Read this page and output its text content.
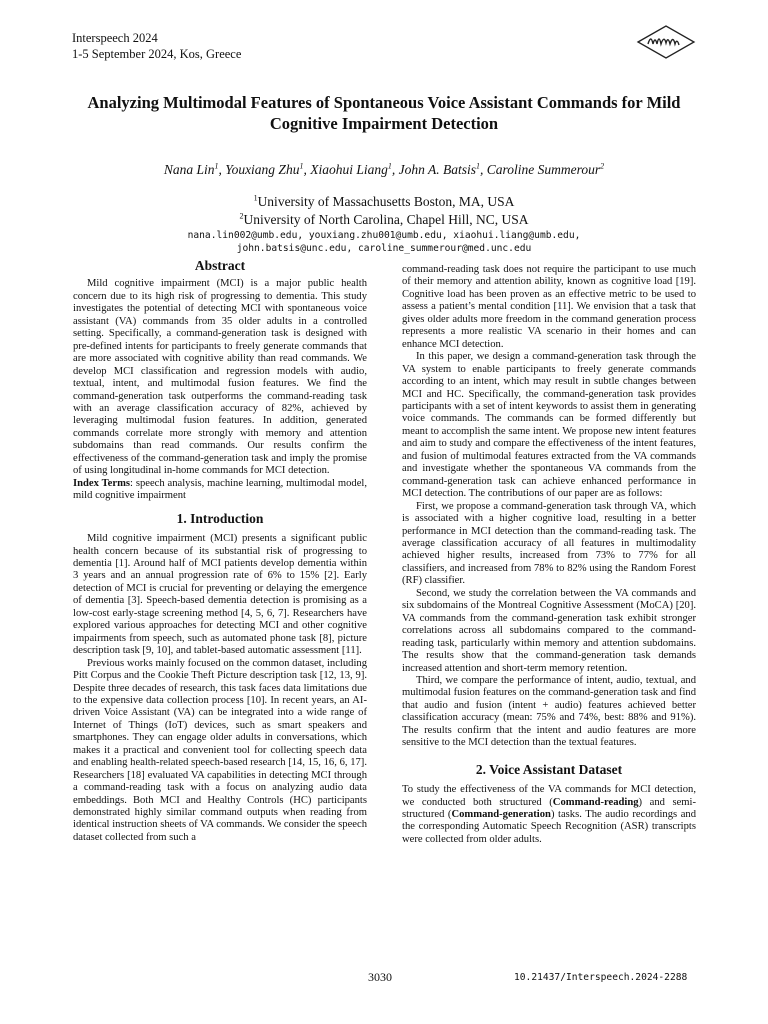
Interspeech 2024
1-5 September 2024, Kos, Greece
Analyzing Multimodal Features of Spontaneous Voice Assistant Commands for Mild Cognitive Impairment Detection
Nana Lin$^1$, Youxiang Zhu$^1$, Xiaohui Liang$^1$, John A. Batsis$^1$, Caroline Summerour$^2$
$^1$University of Massachusetts Boston, MA, USA
$^2$University of North Carolina, Chapel Hill, NC, USA
nana.lin002@umb.edu, youxiang.zhu001@umb.edu, xiaohui.liang@umb.edu,
john.batsis@unc.edu, caroline_summerour@med.unc.edu
Abstract

Mild cognitive impairment (MCI) is a major public health concern due to its high risk of progressing to dementia. This study investigates the potential of detecting MCI with spontaneous voice assistant (VA) commands from 35 older adults in a controlled setting. Specifically, a command-generation task is designed with pre-defined intents for participants to freely generate commands that are more associated with cognitive ability than read commands. We develop MCI classification and regression models with audio, textual, intent, and multimodal fusion features. We find the command-generation task outperforms the command-reading task with an average classification accuracy of 82%, achieved by leveraging multimodal fusion features. In addition, generated commands correlate more strongly with memory and attention subdomains than read commands. Our results confirm the effectiveness of the command-generation task and imply the promise of using longitudinal in-home commands for MCI detection.

Index Terms: speech analysis, machine learning, multimodal model, mild cognitive impairment

1. Introduction

Mild cognitive impairment (MCI) presents a significant public health concern because of its substantial risk of progressing to dementia [1]. Around half of MCI patients develop dementia within 3 years and an annual progression rate of 6% to 15% [2]. Early detection of MCI is crucial for preventing or delaying the emergence of dementia [3]. Speech-based dementia detection is promising as a low-cost early-stage screening method [4, 5, 6, 7]. Researchers have explored various approaches for detecting MCI and other cognitive impairments from speech, such as automated phone task [8], picture description task [9, 10], and tablet-based automatic assessment [11].

Previous works mainly focused on the common dataset, including Pitt Corpus and the Cookie Theft Picture description task [12, 13, 9]. Despite three decades of research, this task faces data limitations due to the expensive data collection process [10]. In recent years, an AI-driven Voice Assistant (VA) can be integrated into a wide range of Internet of Things (IoT) devices, such as smart speakers and smartphones. They can engage older adults in conversations, which makes it a practical and convenient tool for collecting speech data and enabling health-related speech-based research [14, 15, 16, 6, 17]. Researchers [18] evaluated VA capabilities in detecting MCI through a command-reading task with a focus on analyzing audio data embeddings. Both MCI and Healthy Controls (HC) participants demonstrated highly similar command outputs when reading from identical instruction sheets of VA commands. We consider the speech dataset collected from such a

command-reading task does not require the participant to use much of their memory and attention ability, known as cognitive load [19]. Cognitive load has been proven as an effective metric to be used to assess a patient’s mental condition [11]. We envision that a task that gives older adults more freedom in the command generation process represents a more realistic VA scenario in their homes and can enhance MCI detection.

In this paper, we design a command-generation task through the VA system to enable participants to freely generate commands according to an intent, which may result in subtle changes between MCI and HC. Specifically, the command-generation task provides participants with a set of intent keywords to assist them in generating voice commands. The commands can be formed differently but meant to accomplish the same intent. We propose new intent features and aim to study and compare the effectiveness of the intent features, and fusion of multimodal features extracted from the VA commands and investigate whether the spontaneous VA commands from the command-generation task can achieve enhanced performance in MCI detection. The contributions of our paper are as follows:

First, we propose a command-generation task through VA, which is associated with a higher cognitive load, resulting in a better performance in MCI detection than the command-reading task. The average classification accuracy of all features in multimodality achieved higher results, increased from 73% to 77% for all classifiers, and increased from 78% to 82% using the Random Forest (RF) classifier.

Second, we study the correlation between the VA commands and six subdomains of the Montreal Cognitive Assessment (MoCA) [20]. VA commands from the command-generation task exhibit stronger correlations across all subdomains compared to the command-reading task, particularly within memory and attention subdomains. The results show that the command-generation task demands increased attention and short-term memory retention.

Third, we compare the performance of intent, audio, textual, and multimodal fusion features on the command-generation task and find that audio and fusion (intent + audio) features achieved better classification accuracy (mean: 75% and 74%, best: 88% and 91%). The results confirm that the intent and audio features are more sensitive to the MCI detection than the textual features.

2. Voice Assistant Dataset

To study the effectiveness of the VA commands for MCI detection, we conducted both structured (Command-reading) and semi-structured (Command-generation) tasks. The audio recordings and the corresponding Automatic Speech Recognition (ASR) transcripts were collected from older adults.

3030	10.21437/Interspeech.2024-2288
